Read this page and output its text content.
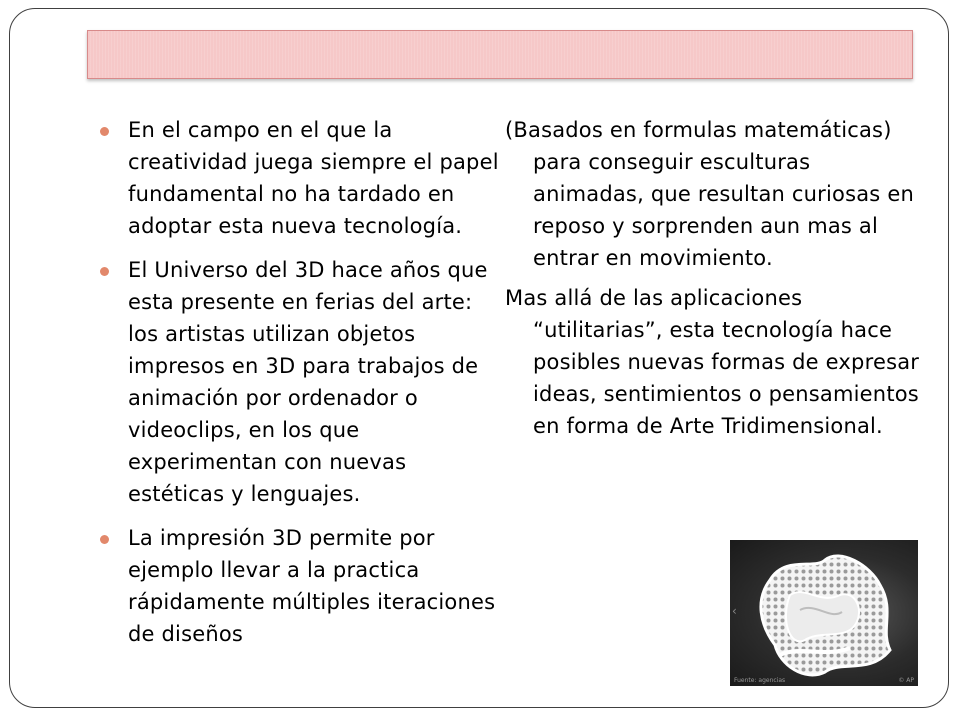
En el campo en el que la creatividad juega siempre el papel fundamental no ha tardado en adoptar esta nueva tecnología.
El Universo del 3D hace años que esta presente en ferias del arte: los artistas utilizan objetos impresos en 3D para trabajos de animación por ordenador o videoclips, en los que experimentan con nuevas estéticas y lenguajes.
La impresión 3D permite por ejemplo llevar a la practica rápidamente múltiples iteraciones de diseños

(Basados en formulas matemáticas) para conseguir esculturas animadas, que resultan curiosas en reposo y sorprenden aun mas al entrar en movimiento.

Mas allá de las aplicaciones “utilitarias”, esta tecnología hace posibles nuevas formas de expresar ideas, sentimientos o pensamientos en forma de Arte Tridimensional.

‹
Fuente: agencias	© AP
